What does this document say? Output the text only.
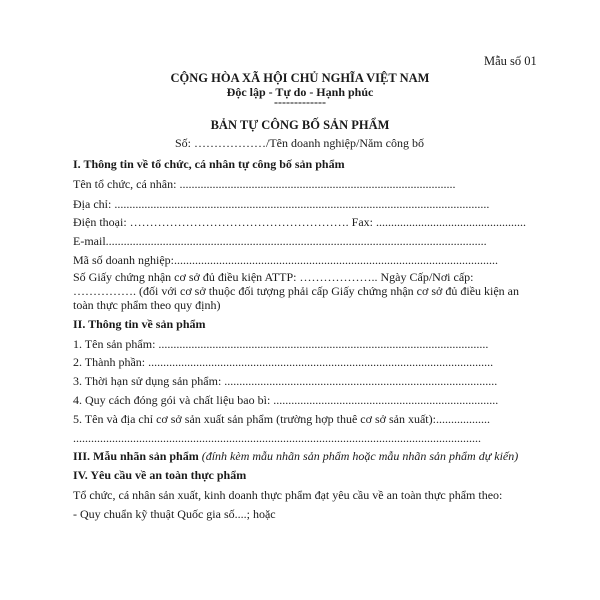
Mẫu số 01
CỘNG HÒA XÃ HỘI CHỦ NGHĨA VIỆT NAM
Độc lập - Tự do - Hạnh phúc
-------------
BẢN TỰ CÔNG BỐ SẢN PHẨM
Số: ………………/Tên doanh nghiệp/Năm công bố
I. Thông tin về tổ chức, cá nhân tự công bố sản phẩm
Tên tổ chức, cá nhân: ............................................................................................
Địa chỉ: .............................................................................................................................
Điện thoại: ………………………………………………. Fax: ..................................................
E-mail...............................................................................................................................
Mã số doanh nghiệp:............................................................................................................
Số Giấy chứng nhận cơ sở đủ điều kiện ATTP: ……………….. Ngày Cấp/Nơi cấp: ……………. (đối với cơ sở thuộc đối tượng phải cấp Giấy chứng nhận cơ sở đủ điều kiện an toàn thực phẩm theo quy định)
II. Thông tin về sản phẩm
1. Tên sản phẩm: ..............................................................................................................
2. Thành phần: ...................................................................................................................
3. Thời hạn sử dụng sản phẩm: ...........................................................................................
4. Quy cách đóng gói và chất liệu bao bì: ...........................................................................
5. Tên và địa chỉ cơ sở sản xuất sản phẩm (trường hợp thuê cơ sở sản xuất):..................
........................................................................................................................................
III. Mẫu nhãn sản phẩm (đính kèm mẫu nhãn sản phẩm hoặc mẫu nhãn sản phẩm dự kiến)
IV. Yêu cầu về an toàn thực phẩm
Tổ chức, cá nhân sản xuất, kinh doanh thực phẩm đạt yêu cầu về an toàn thực phẩm theo:
- Quy chuẩn kỹ thuật Quốc gia số....; hoặc
